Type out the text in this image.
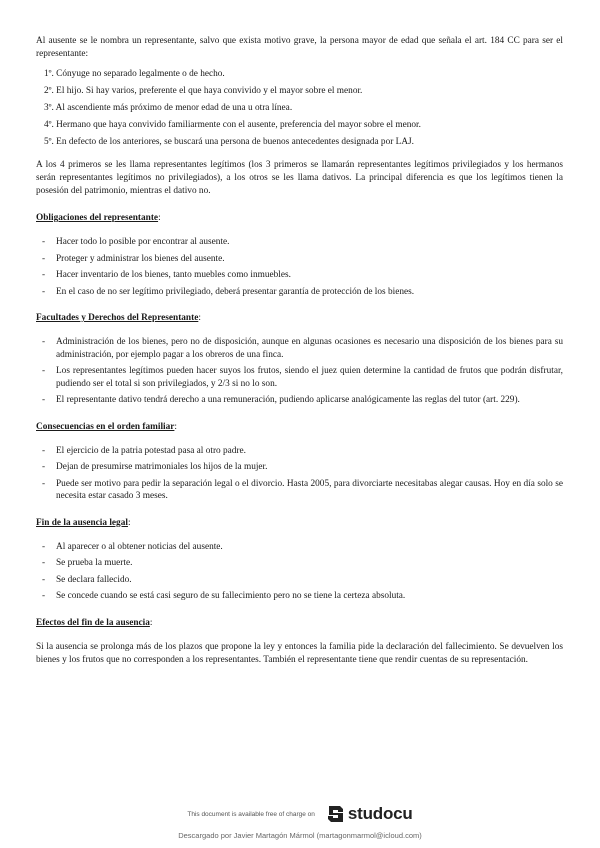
Al ausente se le nombra un representante, salvo que exista motivo grave, la persona mayor de edad que señala el art. 184 CC para ser el representante:

1º. Cónyuge no separado legalmente o de hecho.
2º. El hijo. Si hay varios, preferente el que haya convivido y el mayor sobre el menor.
3º. Al ascendiente más próximo de menor edad de una u otra línea.
4º. Hermano que haya convivido familiarmente con el ausente, preferencia del mayor sobre el menor.
5º. En defecto de los anteriores, se buscará una persona de buenos antecedentes designada por LAJ.

A los 4 primeros se les llama representantes legítimos (los 3 primeros se llamarán representantes legítimos privilegiados y los hermanos serán representantes legítimos no privilegiados), a los otros se les llama dativos. La principal diferencia es que los legítimos tienen la posesión del patrimonio, mientras el dativo no.

Obligaciones del representante:
- Hacer todo lo posible por encontrar al ausente.
- Proteger y administrar los bienes del ausente.
- Hacer inventario de los bienes, tanto muebles como inmuebles.
- En el caso de no ser legítimo privilegiado, deberá presentar garantía de protección de los bienes.
Facultades y Derechos del Representante:
- Administración de los bienes, pero no de disposición, aunque en algunas ocasiones es necesario una disposición de los bienes para su administración, por ejemplo pagar a los obreros de una finca.
- Los representantes legítimos pueden hacer suyos los frutos, siendo el juez quien determine la cantidad de frutos que podrán disfrutar, pudiendo ser el total si son privilegiados, y 2/3 si no lo son.
- El representante dativo tendrá derecho a una remuneración, pudiendo aplicarse analógicamente las reglas del tutor (art. 229).
Consecuencias en el orden familiar:
- El ejercicio de la patria potestad pasa al otro padre.
- Dejan de presumirse matrimoniales los hijos de la mujer.
- Puede ser motivo para pedir la separación legal o el divorcio. Hasta 2005, para divorciarte necesitabas alegar causas. Hoy en día solo se necesita estar casado 3 meses.
Fin de la ausencia legal:
- Al aparecer o al obtener noticias del ausente.
- Se prueba la muerte.
- Se declara fallecido.
- Se concede cuando se está casi seguro de su fallecimiento pero no se tiene la certeza absoluta.
Efectos del fin de la ausencia:

Si la ausencia se prolonga más de los plazos que propone la ley y entonces la familia pide la declaración del fallecimiento. Se devuelven los bienes y los frutos que no corresponden a los representantes. También el representante tiene que rendir cuentas de su representación.

This document is available free of charge on studocu
Descargado por Javier Martagón Mármol (martagonmarmol@icloud.com)
